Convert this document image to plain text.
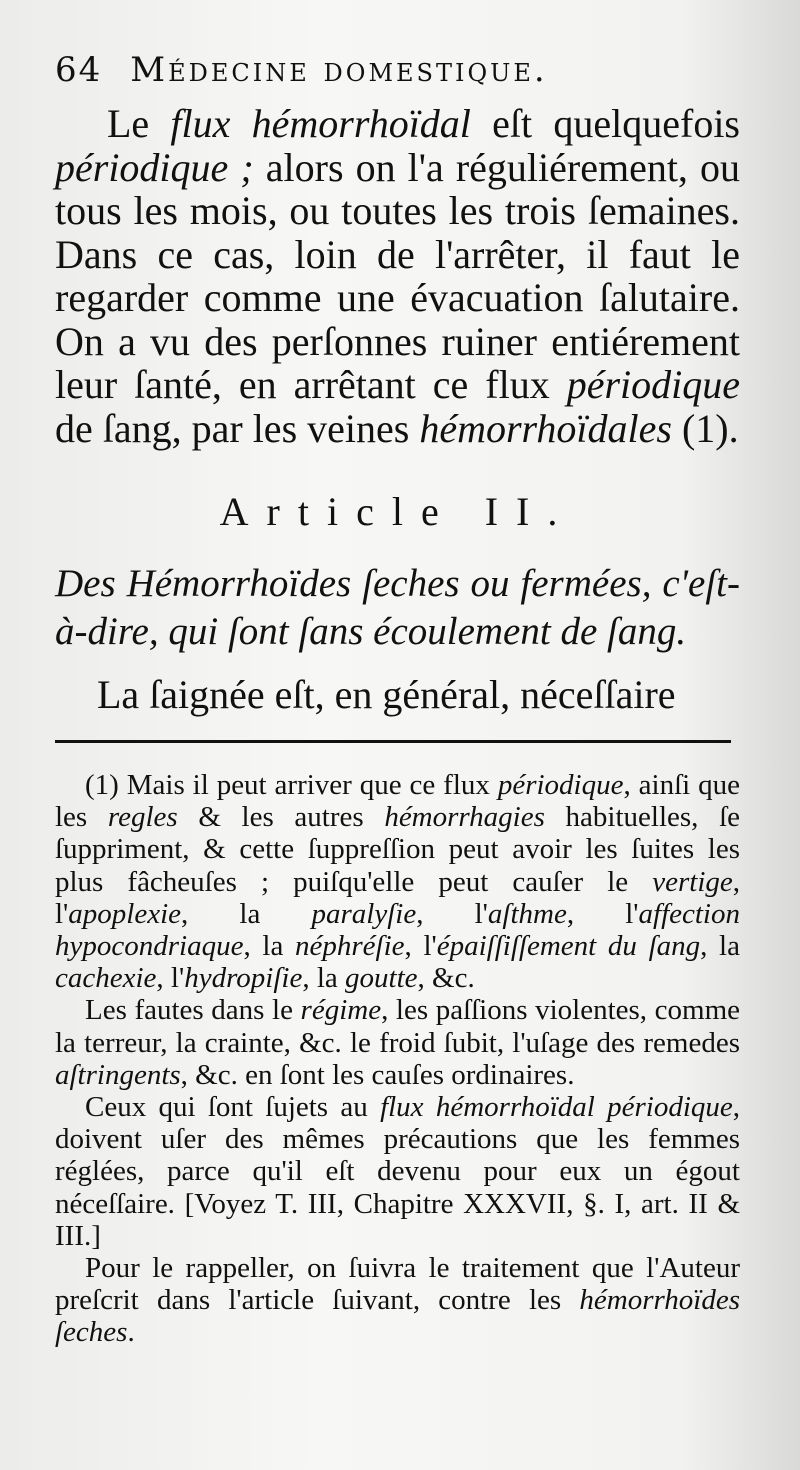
64 Médecine domestique.

Le flux hémorrhoïdal eſt quelquefois périodique ; alors on l'a réguliérement, ou tous les mois, ou toutes les trois ſemaines. Dans ce cas, loin de l'arrêter, il faut le regarder comme une évacuation ſalutaire. On a vu des perſonnes ruiner entiérement leur ſanté, en arrêtant ce flux périodique de ſang, par les veines hémorrhoïdales (1).

Article II.
Des Hémorrhoïdes ſeches ou fermées, c'eſt-à-dire, qui ſont ſans écoulement de ſang.
La ſaignée eſt, en général, néceſſaire

(1) Mais il peut arriver que ce flux périodique, ainſi que les regles & les autres hémorrhagies habituelles, ſe ſuppriment, & cette ſuppreſſion peut avoir les ſuites les plus fâcheuſes ; puiſqu'elle peut cauſer le vertige, l'apoplexie, la paralyſie, l'aſthme, l'affection hypocondriaque, la néphréſie, l'épaiſſiſſement du ſang, la cachexie, l'hydropiſie, la goutte, &c.

Les fautes dans le régime, les paſſions violentes, comme la terreur, la crainte, &c. le froid ſubit, l'uſage des remedes aſtringents, &c. en ſont les cauſes ordinaires.

Ceux qui ſont ſujets au flux hémorrhoïdal périodique, doivent uſer des mêmes précautions que les femmes réglées, parce qu'il eſt devenu pour eux un égout néceſſaire. [Voyez T. III, Chapitre XXXVII, §. I, art. II & III.]

Pour le rappeller, on ſuivra le traitement que l'Auteur preſcrit dans l'article ſuivant, contre les hémorrhoïdes ſeches.
